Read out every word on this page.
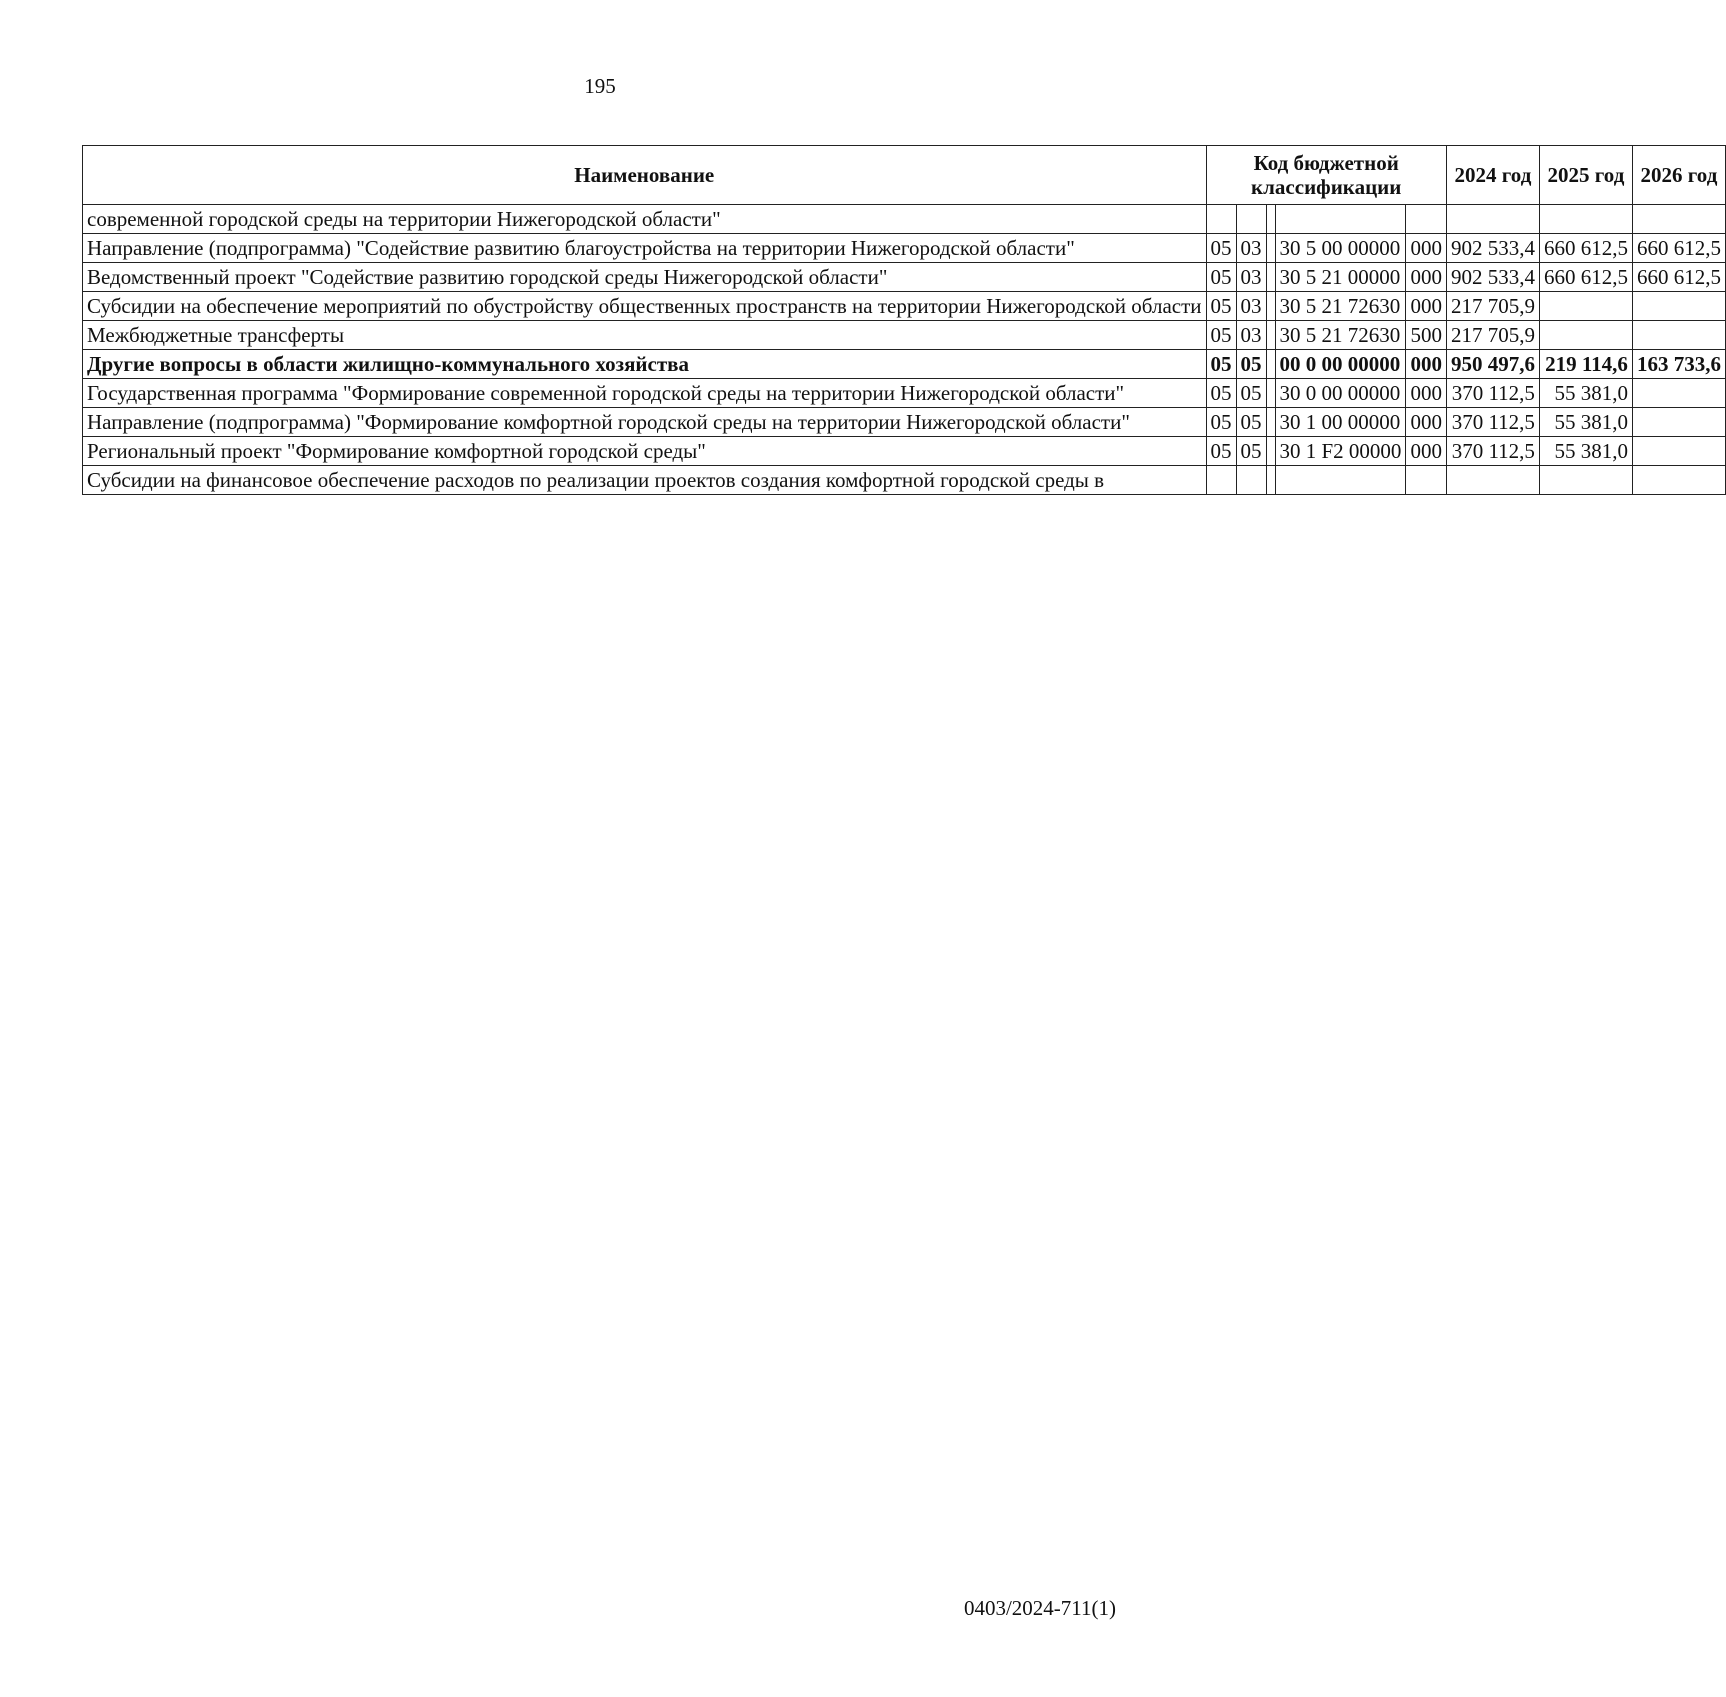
195
Наименование	Код бюджетной классификации					2024 год	2025 год	2026 год
современной городской среды на территории Нижегородской области"								
Направление (подпрограмма) "Содействие развитию благоустройства на территории Нижегородской области"	05	03		30 5 00 00000	000	902 533,4	660 612,5	660 612,5
Ведомственный проект "Содействие развитию городской среды Нижегородской области"	05	03		30 5 21 00000	000	902 533,4	660 612,5	660 612,5
Субсидии на обеспечение мероприятий по обустройству общественных пространств на территории Нижегородской области	05	03		30 5 21 72630	000	217 705,9		
Межбюджетные трансферты	05	03		30 5 21 72630	500	217 705,9		
Другие вопросы в области жилищно-коммунального хозяйства	05	05		00 0 00 00000	000	950 497,6	219 114,6	163 733,6
Государственная программа "Формирование современной городской среды на территории Нижегородской области"	05	05		30 0 00 00000	000	370 112,5	55 381,0	
Направление (подпрограмма) "Формирование комфортной городской среды на территории Нижегородской области"	05	05		30 1 00 00000	000	370 112,5	55 381,0	
Региональный проект "Формирование комфортной городской среды"	05	05		30 1 F2 00000	000	370 112,5	55 381,0	
Субсидии на финансовое обеспечение расходов по реализации проектов создания комфортной городской среды в								
0403/2024-711(1)
